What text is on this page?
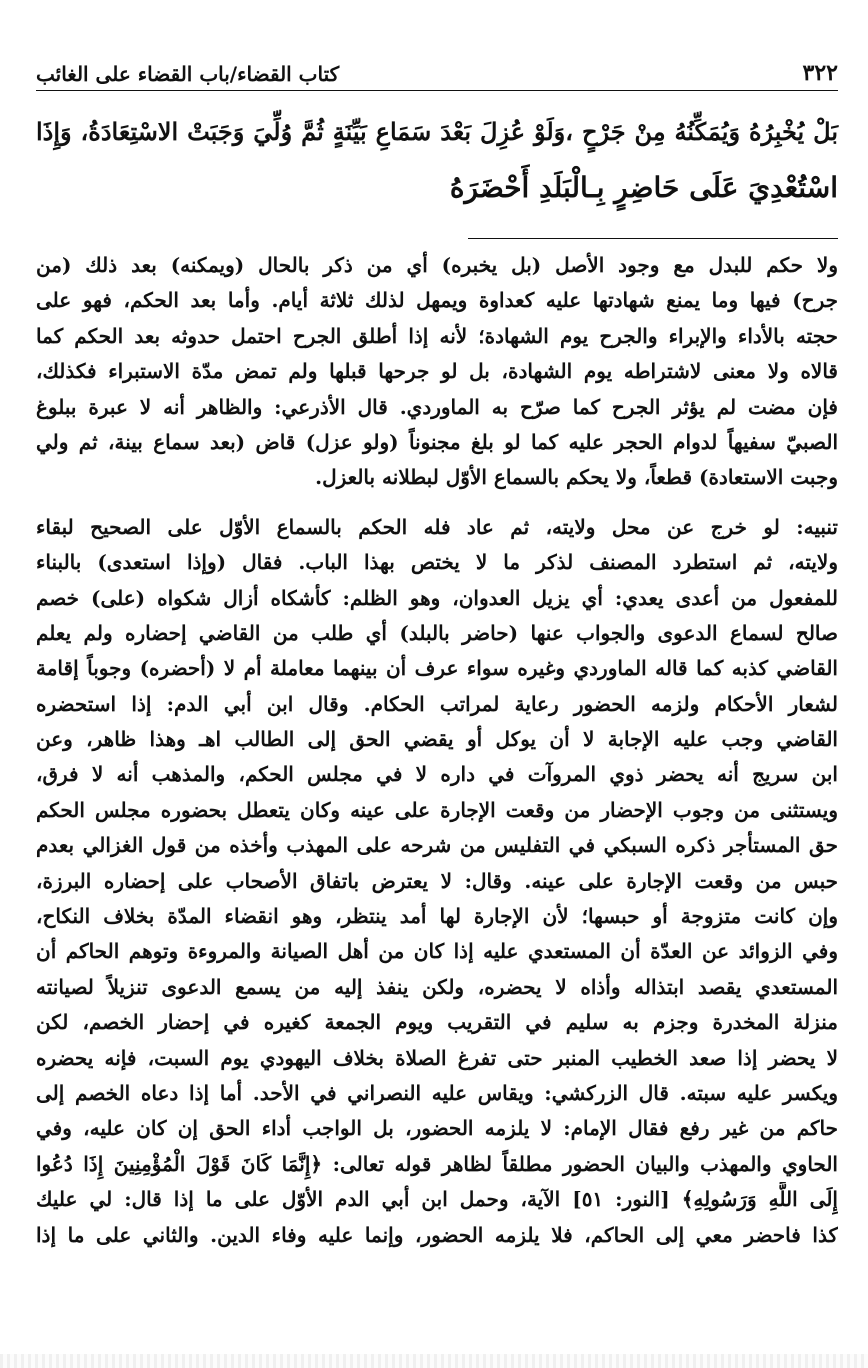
٣٢٢
كتاب القضاء/باب القضاء على الغائب
بَلْ يُخْبِرُهُ وَيُمَكِّنُهُ مِنْ جَرْحٍ ،وَلَوْ عُزِلَ بَعْدَ سَمَاعِ بَيِّنَةٍ ثُمَّ وُلِّيَ وَجَبَتْ الاسْتِعَادَةُ، وَإِذَا
اسْتُعْدِيَ عَلَى حَاضِرٍ بِـالْبَلَدِ أَحْضَرَهُ
ولا حكم للبدل مع وجود الأصل (بل يخبره) أي من ذكر بالحال (ويمكنه) بعد ذلك (من
جرح) فيها وما يمنع شهادتها عليه كعداوة ويمهل لذلك ثلاثة أيام. وأما بعد الحكم، فهو على
حجته بالأداء والإبراء والجرح يوم الشهادة؛ لأنه إذا أطلق الجرح احتمل حدوثه بعد الحكم كما
قالاه ولا معنى لاشتراطه يوم الشهادة، بل لو جرحها قبلها ولم تمض مدّة الاستبراء فكذلك،
فإن مضت لم يؤثر الجرح كما صرّح به الماوردي. قال الأذرعي: والظاهر أنه لا عبرة ببلوغ
الصبيّ سفيهاً لدوام الحجر عليه كما لو بلغ مجنوناً (ولو عزل) قاض (بعد سماع بينة، ثم ولي
وجبت الاستعادة) قطعاً، ولا يحكم بالسماع الأوّل لبطلانه بالعزل.
تنبيه: لو خرج عن محل ولايته، ثم عاد فله الحكم بالسماع الأوّل على الصحيح لبقاء
ولايته، ثم استطرد المصنف لذكر ما لا يختص بهذا الباب. فقال (وإذا استعدى) بالبناء
للمفعول من أعدى يعدي: أي يزيل العدوان، وهو الظلم: كأشكاه أزال شكواه (على) خصم
صالح لسماع الدعوى والجواب عنها (حاضر بالبلد) أي طلب من القاضي إحضاره ولم يعلم
القاضي كذبه كما قاله الماوردي وغيره سواء عرف أن بينهما معاملة أم لا (أحضره) وجوباً إقامة
لشعار الأحكام ولزمه الحضور رعاية لمراتب الحكام. وقال ابن أبي الدم: إذا استحضره
القاضي وجب عليه الإجابة لا أن يوكل أو يقضي الحق إلى الطالب اهـ وهذا ظاهر، وعن
ابن سريج أنه يحضر ذوي المروآت في داره لا في مجلس الحكم، والمذهب أنه لا فرق،
ويستثنى من وجوب الإحضار من وقعت الإجارة على عينه وكان يتعطل بحضوره مجلس الحكم
حق المستأجر ذكره السبكي في التفليس من شرحه على المهذب وأخذه من قول الغزالي بعدم
حبس من وقعت الإجارة على عينه. وقال: لا يعترض باتفاق الأصحاب على إحضاره البرزة،
وإن كانت متزوجة أو حبسها؛ لأن الإجارة لها أمد ينتظر، وهو انقضاء المدّة بخلاف النكاح،
وفي الزوائد عن العدّة أن المستعدي عليه إذا كان من أهل الصيانة والمروءة وتوهم الحاكم أن
المستعدي يقصد ابتذاله وأذاه لا يحضره، ولكن ينفذ إليه من يسمع الدعوى تنزيلاً لصيانته
منزلة المخدرة وجزم به سليم في التقريب ويوم الجمعة كغيره في إحضار الخصم، لكن
لا يحضر إذا صعد الخطيب المنبر حتى تفرغ الصلاة بخلاف اليهودي يوم السبت، فإنه يحضره
ويكسر عليه سبته. قال الزركشي: ويقاس عليه النصراني في الأحد. أما إذا دعاه الخصم إلى
حاكم من غير رفع فقال الإمام: لا يلزمه الحضور، بل الواجب أداء الحق إن كان عليه، وفي
الحاوي والمهذب والبيان الحضور مطلقاً لظاهر قوله تعالى: ﴿إِنَّمَا كَانَ قَوْلَ الْمُؤْمِنِينَ إِذَا دُعُوا
إِلَى اللَّهِ وَرَسُولِهِ﴾ [النور: ٥١] الآية، وحمل ابن أبي الدم الأوّل على ما إذا قال: لي عليك
كذا فاحضر معي إلى الحاكم، فلا يلزمه الحضور، وإنما عليه وفاء الدين. والثاني على ما إذا
